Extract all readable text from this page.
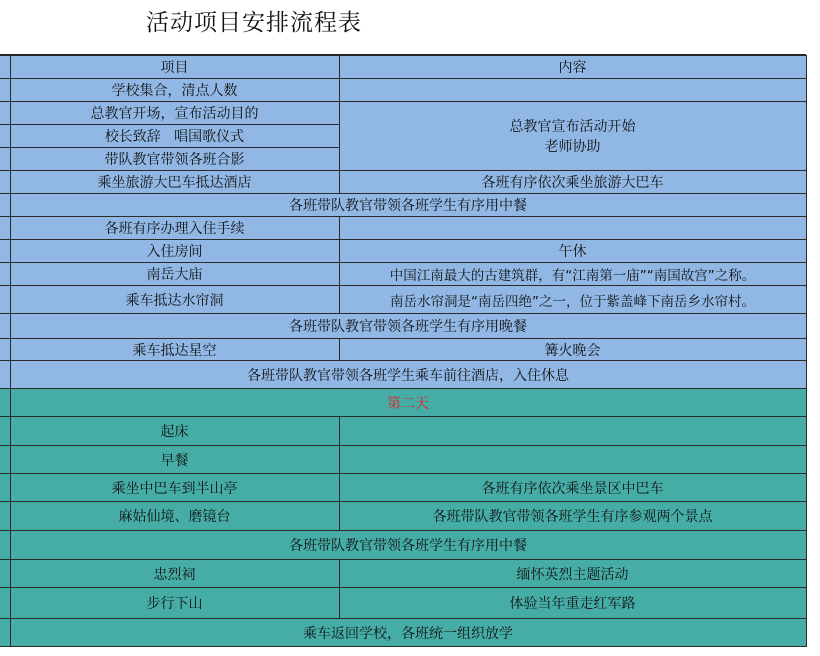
活动项目安排流程表
	项目	内容
	学校集合，清点人数	
	总教官开场，宣布活动目的	总教官宣布活动开始
老师协助

	校长致辞   唱国歌仪式	
	带队教官带领各班合影	
	乘坐旅游大巴车抵达酒店	各班有序依次乘坐旅游大巴车
	各班带队教官带领各班学生有序用中餐	
	各班有序办理入住手续	
	入住房间	午休
	南岳大庙	中国江南最大的古建筑群，有“江南第一庙”“南国故宫”之称。
	乘车抵达水帘洞	南岳水帘洞是“南岳四绝”之一，位于紫盖峰下南岳乡水帘村。
	各班带队教官带领各班学生有序用晚餐	
	乘车抵达星空	篝火晚会
	各班带队教官带领各班学生乘车前往酒店，入住休息	
	第二天	
	起床	
	早餐	
	乘坐中巴车到半山亭	各班有序依次乘坐景区中巴车
	麻姑仙境、磨镜台	各班带队教官带领各班学生有序参观两个景点
	各班带队教官带领各班学生有序用中餐	
	忠烈祠	缅怀英烈主题活动
	步行下山	体验当年重走红军路
	乘车返回学校，各班统一组织放学	
